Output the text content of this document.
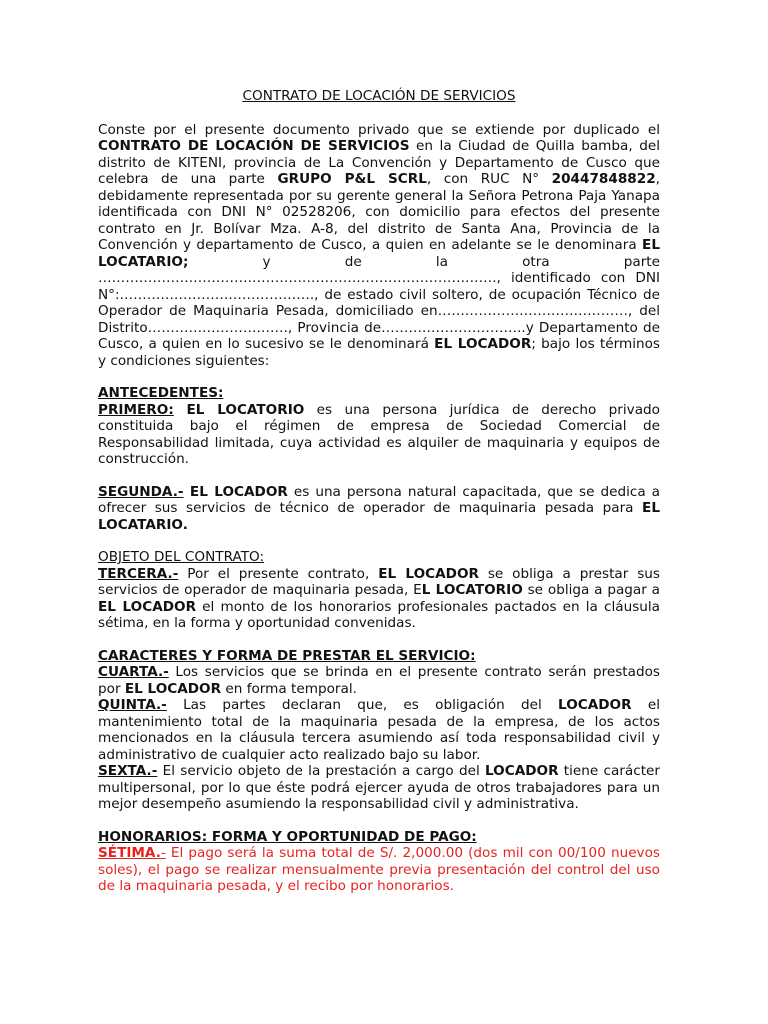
CONTRATO DE LOCACIÓN DE SERVICIOS

Conste por el presente documento privado que se extiende por duplicado el CONTRATO DE LOCACIÓN DE SERVICIOS en la Ciudad de Quilla bamba, del distrito de KITENI, provincia de La Convención y Departamento de Cusco que celebra de una parte GRUPO P&L SCRL, con RUC N° 20447848822, debidamente representada por su gerente general la Señora Petrona Paja Yanapa identificada con DNI N° 02528206, con domicilio para efectos del presente contrato en Jr. Bolívar Mza. A-8, del distrito de Santa Ana, Provincia de la Convención y departamento de Cusco, a quien en adelante se le denominara EL LOCATARIO; y de la otra parte ……………………………………………………………………………., identificado con DNI N°:……………………………………., de estado civil soltero, de ocupación Técnico de Operador de Maquinaria Pesada, domiciliado en……………………………………, del Distrito…………………………., Provincia de…………………………..y Departamento de Cusco, a quien en lo sucesivo se le denominará EL LOCADOR; bajo los términos y condiciones siguientes:

ANTECEDENTES:

PRIMERO: EL LOCATORIO es una persona jurídica de derecho privado constituida bajo el régimen de empresa de Sociedad Comercial de Responsabilidad limitada, cuya actividad es alquiler de maquinaria y equipos de construcción.

SEGUNDA.- EL LOCADOR es una persona natural capacitada, que se dedica a ofrecer sus servicios de técnico de operador de maquinaria pesada para EL LOCATARIO.

OBJETO DEL CONTRATO:

TERCERA.- Por el presente contrato, EL LOCADOR se obliga a prestar sus servicios de operador de maquinaria pesada, EL LOCATORIO se obliga a pagar a EL LOCADOR el monto de los honorarios profesionales pactados en la cláusula sétima, en la forma y oportunidad convenidas.

CARACTERES Y FORMA DE PRESTAR EL SERVICIO:

CUARTA.- Los servicios que se brinda en el presente contrato serán prestados por EL LOCADOR en forma temporal.

QUINTA.- Las partes declaran que, es obligación del LOCADOR el mantenimiento total de la maquinaria pesada de la empresa, de los actos mencionados en la cláusula tercera asumiendo así toda responsabilidad civil y administrativo de cualquier acto realizado bajo su labor.

SEXTA.- El servicio objeto de la prestación a cargo del LOCADOR tiene carácter multipersonal, por lo que éste podrá ejercer ayuda de otros trabajadores para un mejor desempeño asumiendo la responsabilidad civil y administrativa.

HONORARIOS: FORMA Y OPORTUNIDAD DE PAGO:

SÉTIMA.- El pago será la suma total de S/. 2,000.00 (dos mil con 00/100 nuevos soles), el pago se realizar mensualmente previa presentación del control del uso de la maquinaria pesada, y el recibo por honorarios.
